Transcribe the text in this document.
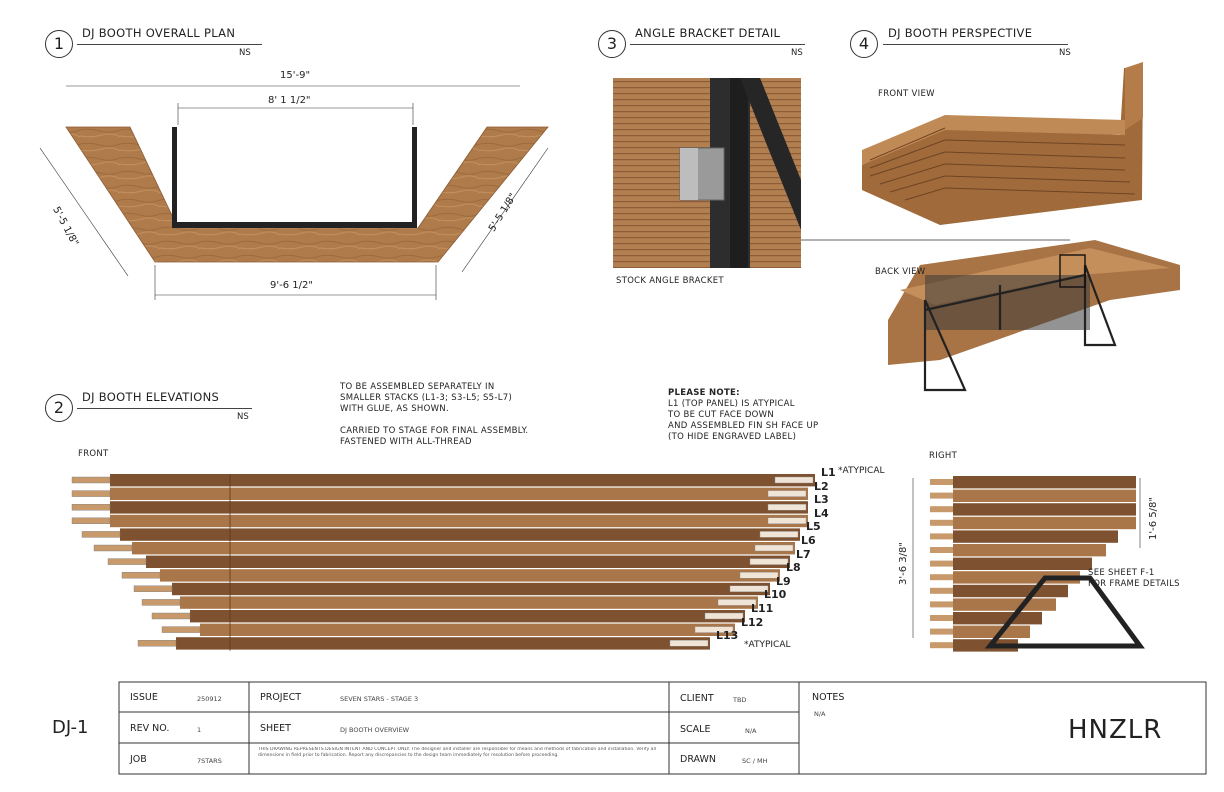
1
DJ BOOTH OVERALL PLAN
NS
15'-9"
8' 1 1/2"
5'-5 1/8"	5'-5 1/8"
9'-6 1/2"
3
ANGLE BRACKET DETAIL
NS
STOCK ANGLE BRACKET
4
DJ BOOTH PERSPECTIVE
NS
FRONT VIEW
BACK VIEW
2
DJ BOOTH ELEVATIONS
NS
TO BE ASSEMBLED SEPARATELY IN
SMALLER STACKS (L1-3; S3-L5; S5-L7)
WITH GLUE, AS SHOWN.
CARRIED TO STAGE FOR FINAL ASSEMBLY.
FASTENED WITH ALL-THREAD
PLEASE NOTE:
L1 (TOP PANEL) IS ATYPICAL
TO BE CUT FACE DOWN
AND ASSEMBLED FIN SH FACE UP
(TO HIDE ENGRAVED LABEL)
FRONT	RIGHT
L1
L2
L3
L4
L5
L6
L7
L8
L9
L10
L11
L12
L13
*ATYPICAL
*ATYPICAL
3'-6 3/8"
1'-6 5/8"
SEE SHEET F-1
FOR FRAME DETAILS
DJ-1
ISSUE	250912
REV NO.	1
JOB	7STARS
PROJECT	SEVEN STARS - STAGE 3
SHEET	DJ BOOTH OVERVIEW
THIS DRAWING REPRESENTS DESIGN INTENT AND CONCEPT ONLY. The designer and installer are responsible for means and methods of fabrication and installation. Verify all dimensions in field prior to fabrication. Report any discrepancies to the design team immediately for resolution before proceeding.
CLIENT	TBD
SCALE	N/A
DRAWN	SC / MH
NOTES
N/A
HNZLR
